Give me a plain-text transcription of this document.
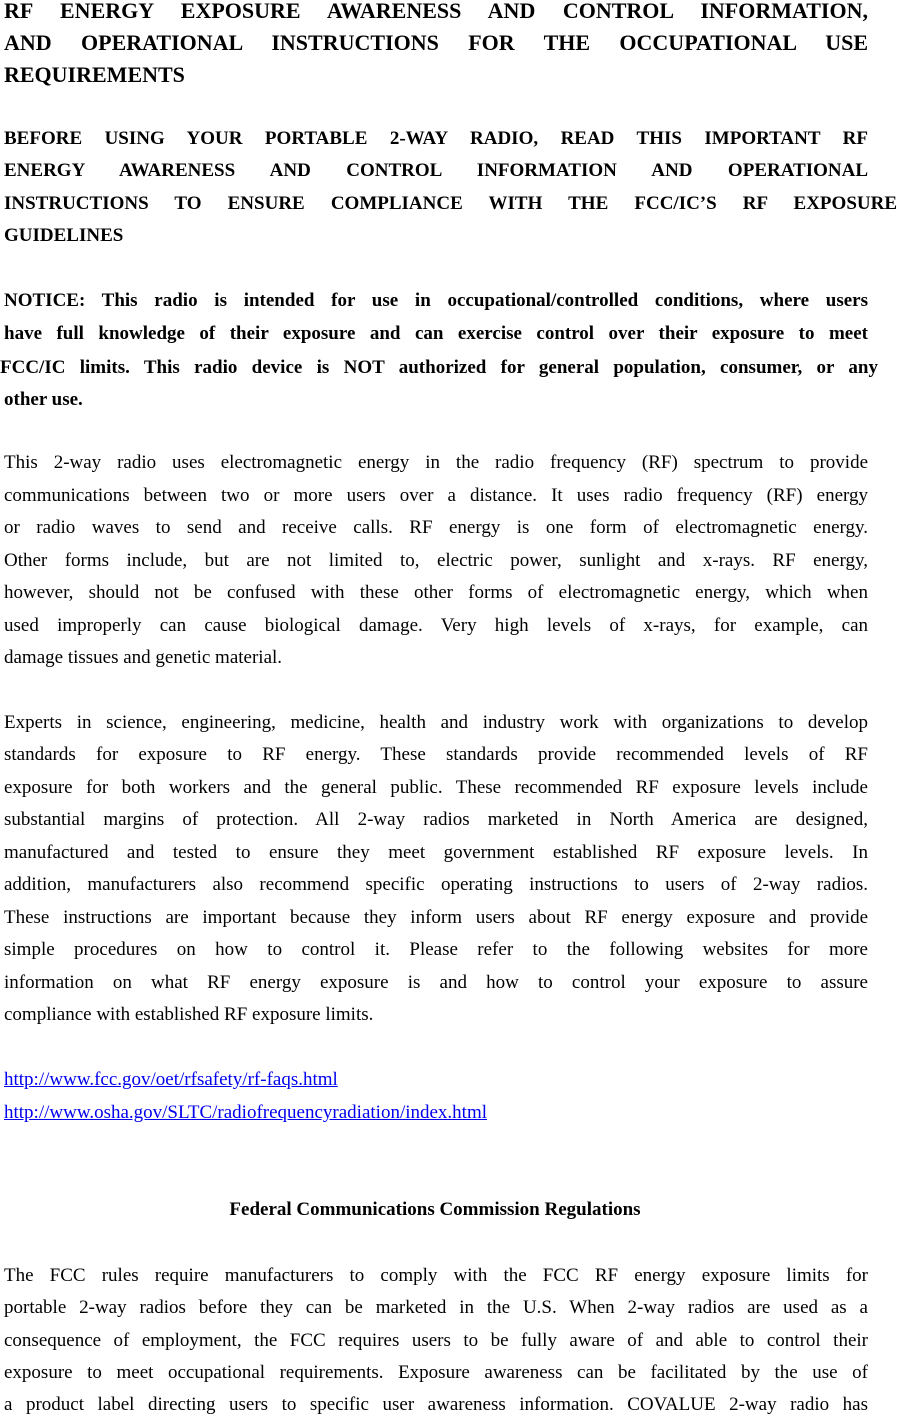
RF ENERGY EXPOSURE AWARENESS AND CONTROL INFORMATION,
AND OPERATIONAL INSTRUCTIONS FOR THE OCCUPATIONAL USE
REQUIREMENTS
BEFORE USING YOUR PORTABLE 2-WAY RADIO, READ THIS IMPORTANT RF
ENERGY AWARENESS AND CONTROL INFORMATION AND OPERATIONAL
INSTRUCTIONS TO ENSURE COMPLIANCE WITH THE FCC/IC’S RF EXPOSURE
GUIDELINES
NOTICE: This radio is intended for use in occupational/controlled conditions, where users
have full knowledge of their exposure and can exercise control over their exposure to meet
FCC/IC limits. This radio device is NOT authorized for general population, consumer, or any
other use.
This 2-way radio uses electromagnetic energy in the radio frequency (RF) spectrum to provide
communications between two or more users over a distance. It uses radio frequency (RF) energy
or radio waves to send and receive calls. RF energy is one form of electromagnetic energy.
Other forms include, but are not limited to, electric power, sunlight and x-rays. RF energy,
however, should not be confused with these other forms of electromagnetic energy, which when
used improperly can cause biological damage. Very high levels of x-rays, for example, can
damage tissues and genetic material.
Experts in science, engineering, medicine, health and industry work with organizations to develop
standards for exposure to RF energy. These standards provide recommended levels of RF
exposure for both workers and the general public. These recommended RF exposure levels include
substantial margins of protection. All 2-way radios marketed in North America are designed,
manufactured and tested to ensure they meet government established RF exposure levels. In
addition, manufacturers also recommend specific operating instructions to users of 2-way radios.
These instructions are important because they inform users about RF energy exposure and provide
simple procedures on how to control it. Please refer to the following websites for more
information on what RF energy exposure is and how to control your exposure to assure
compliance with established RF exposure limits.
http://www.fcc.gov/oet/rfsafety/rf-faqs.html
http://www.osha.gov/SLTC/radiofrequencyradiation/index.html
Federal Communications Commission Regulations
The FCC rules require manufacturers to comply with the FCC RF energy exposure limits for
portable 2-way radios before they can be marketed in the U.S. When 2-way radios are used as a
consequence of employment, the FCC requires users to be fully aware of and able to control their
exposure to meet occupational requirements. Exposure awareness can be facilitated by the use of
a product label directing users to specific user awareness information. COVALUE 2-way radio has
